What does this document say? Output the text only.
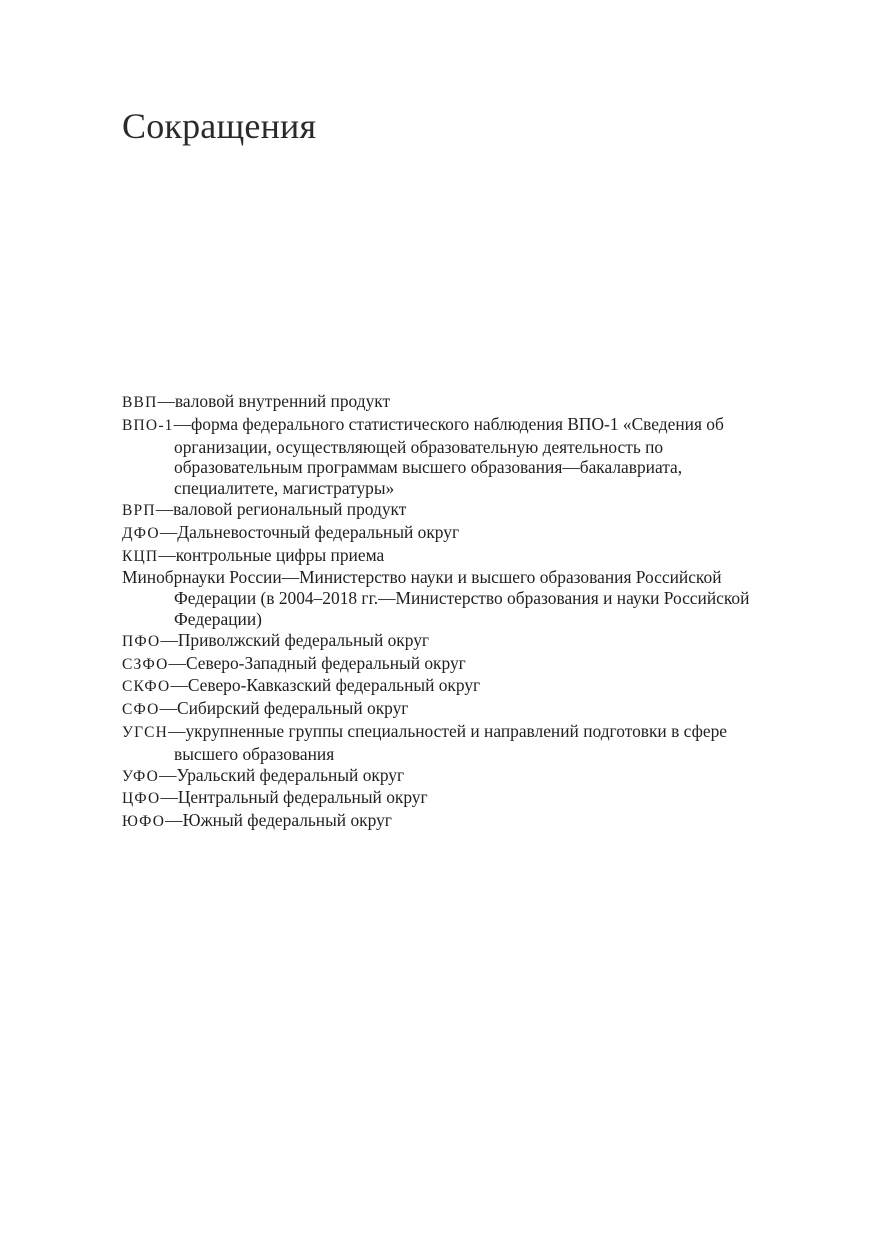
Сокращения
ВВП—валовой внутренний продукт
ВПО-1—форма федерального статистического наблюдения ВПО-1 «Сведения об организации, осуществляющей образовательную деятельность по образовательным программам высшего образования—бакалавриата, специалитете, магистратуры»
ВРП—валовой региональный продукт
ДФО—Дальневосточный федеральный округ
КЦП—контрольные цифры приема
Минобрнауки России—Министерство науки и высшего образования Российской Федерации (в 2004–2018 гг.—Министерство образования и науки Российской Федерации)
ПФО—Приволжский федеральный округ
СЗФО—Северо-Западный федеральный округ
СКФО—Северо-Кавказский федеральный округ
СФО—Сибирский федеральный округ
УГСН—укрупненные группы специальностей и направлений подготовки в сфере высшего образования
УФО—Уральский федеральный округ
ЦФО—Центральный федеральный округ
ЮФО—Южный федеральный округ
